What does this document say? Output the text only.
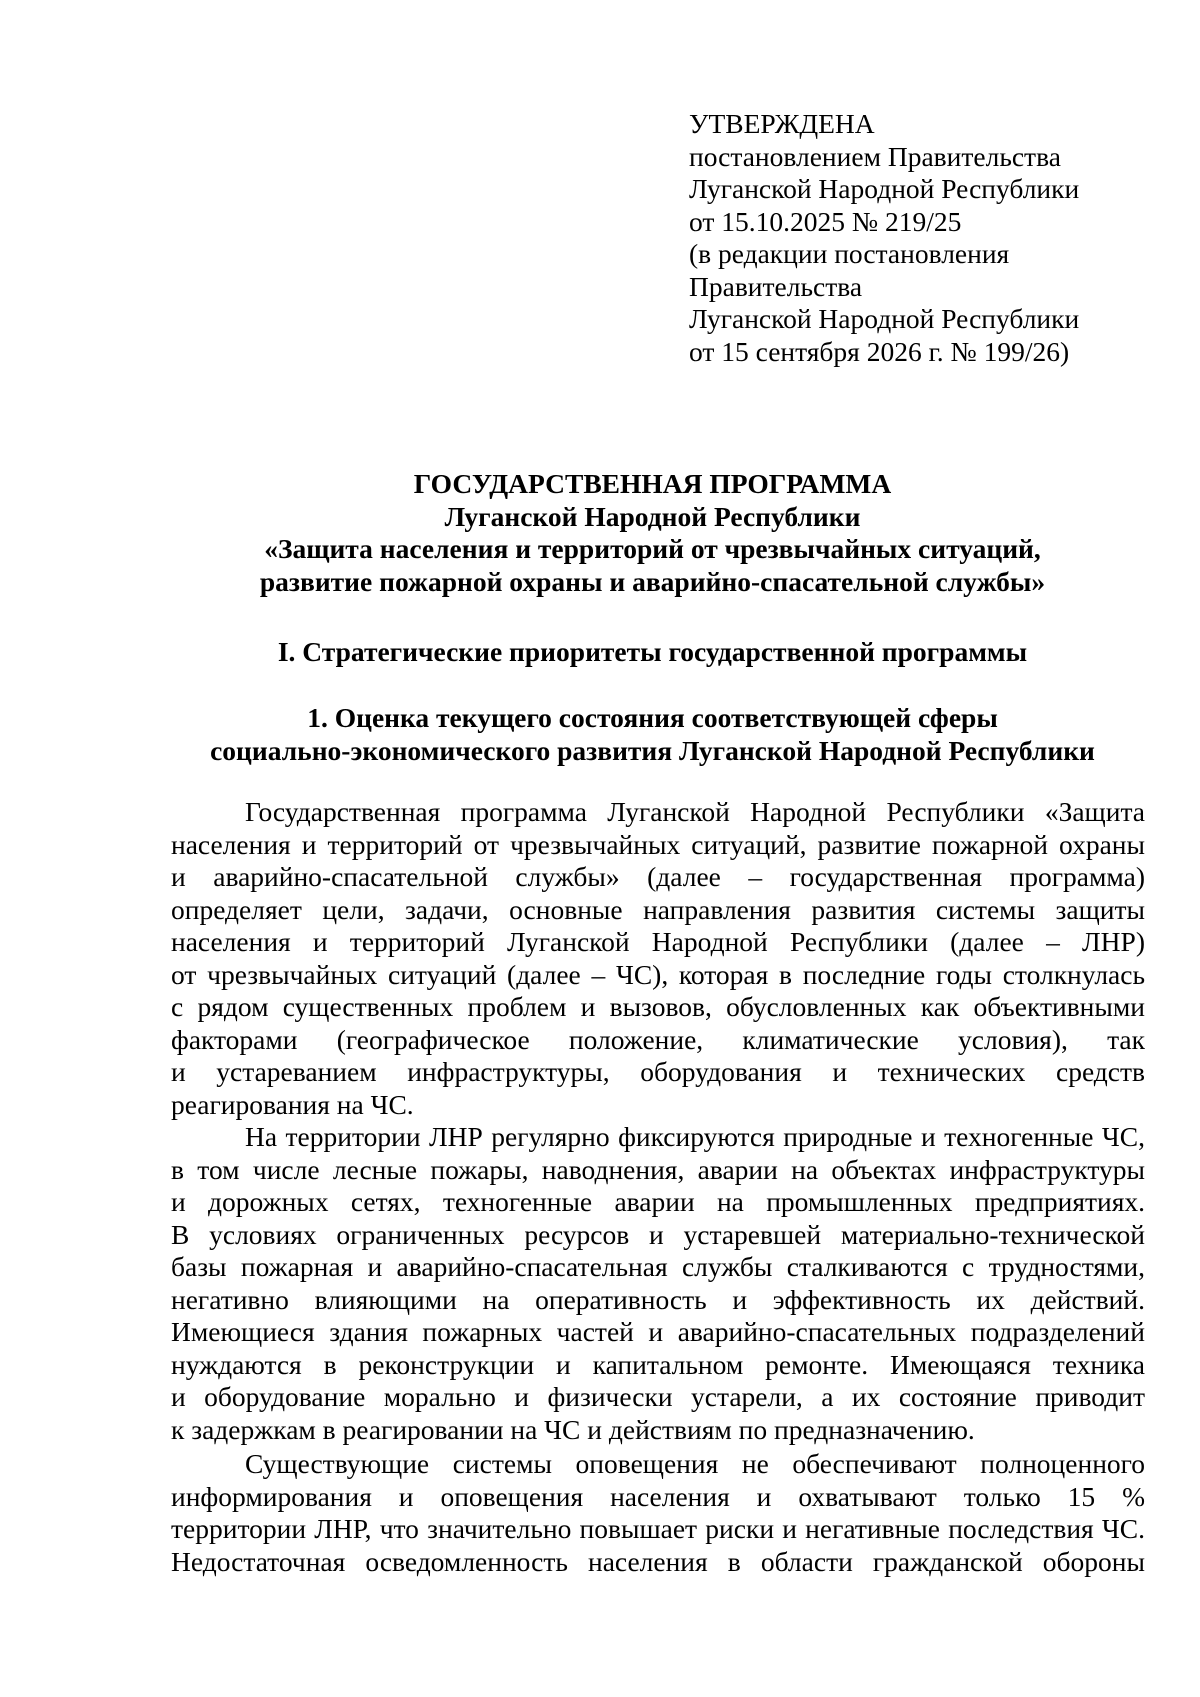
УТВЕРЖДЕНА
постановлением Правительства
Луганской Народной Республики
от 15.10.2025 № 219/25
(в редакции постановления
Правительства
Луганской Народной Республики
от 15 сентября 2026 г. № 199/26)
ГОСУДАРСТВЕННАЯ ПРОГРАММА
Луганской Народной Республики
«Защита населения и территорий от чрезвычайных ситуаций,
развитие пожарной охраны и аварийно-спасательной службы»
I. Стратегические приоритеты государственной программы
1. Оценка текущего состояния соответствующей сферы
социально-экономического развития Луганской Народной Республики
Государственная программа Луганской Народной Республики «Защита
населения и территорий от чрезвычайных ситуаций, развитие пожарной охраны
и аварийно-спасательной службы» (далее – государственная программа)
определяет цели, задачи, основные направления развития системы защиты
населения и территорий Луганской Народной Республики (далее – ЛНР)
от чрезвычайных ситуаций (далее – ЧС), которая в последние годы столкнулась
с рядом существенных проблем и вызовов, обусловленных как объективными
факторами (географическое положение, климатические условия), так
и устареванием инфраструктуры, оборудования и технических средств
реагирования на ЧС.
На территории ЛНР регулярно фиксируются природные и техногенные ЧС,
в том числе лесные пожары, наводнения, аварии на объектах инфраструктуры
и дорожных сетях, техногенные аварии на промышленных предприятиях.
В условиях ограниченных ресурсов и устаревшей материально-технической
базы пожарная и аварийно-спасательная службы сталкиваются с трудностями,
негативно влияющими на оперативность и эффективность их действий.
Имеющиеся здания пожарных частей и аварийно-спасательных подразделений
нуждаются в реконструкции и капитальном ремонте. Имеющаяся техника
и оборудование морально и физически устарели, а их состояние приводит
к задержкам в реагировании на ЧС и действиям по предназначению.
Существующие системы оповещения не обеспечивают полноценного
информирования и оповещения населения и охватывают только 15 %
территории ЛНР, что значительно повышает риски и негативные последствия ЧС.
Недостаточная осведомленность населения в области гражданской обороны
